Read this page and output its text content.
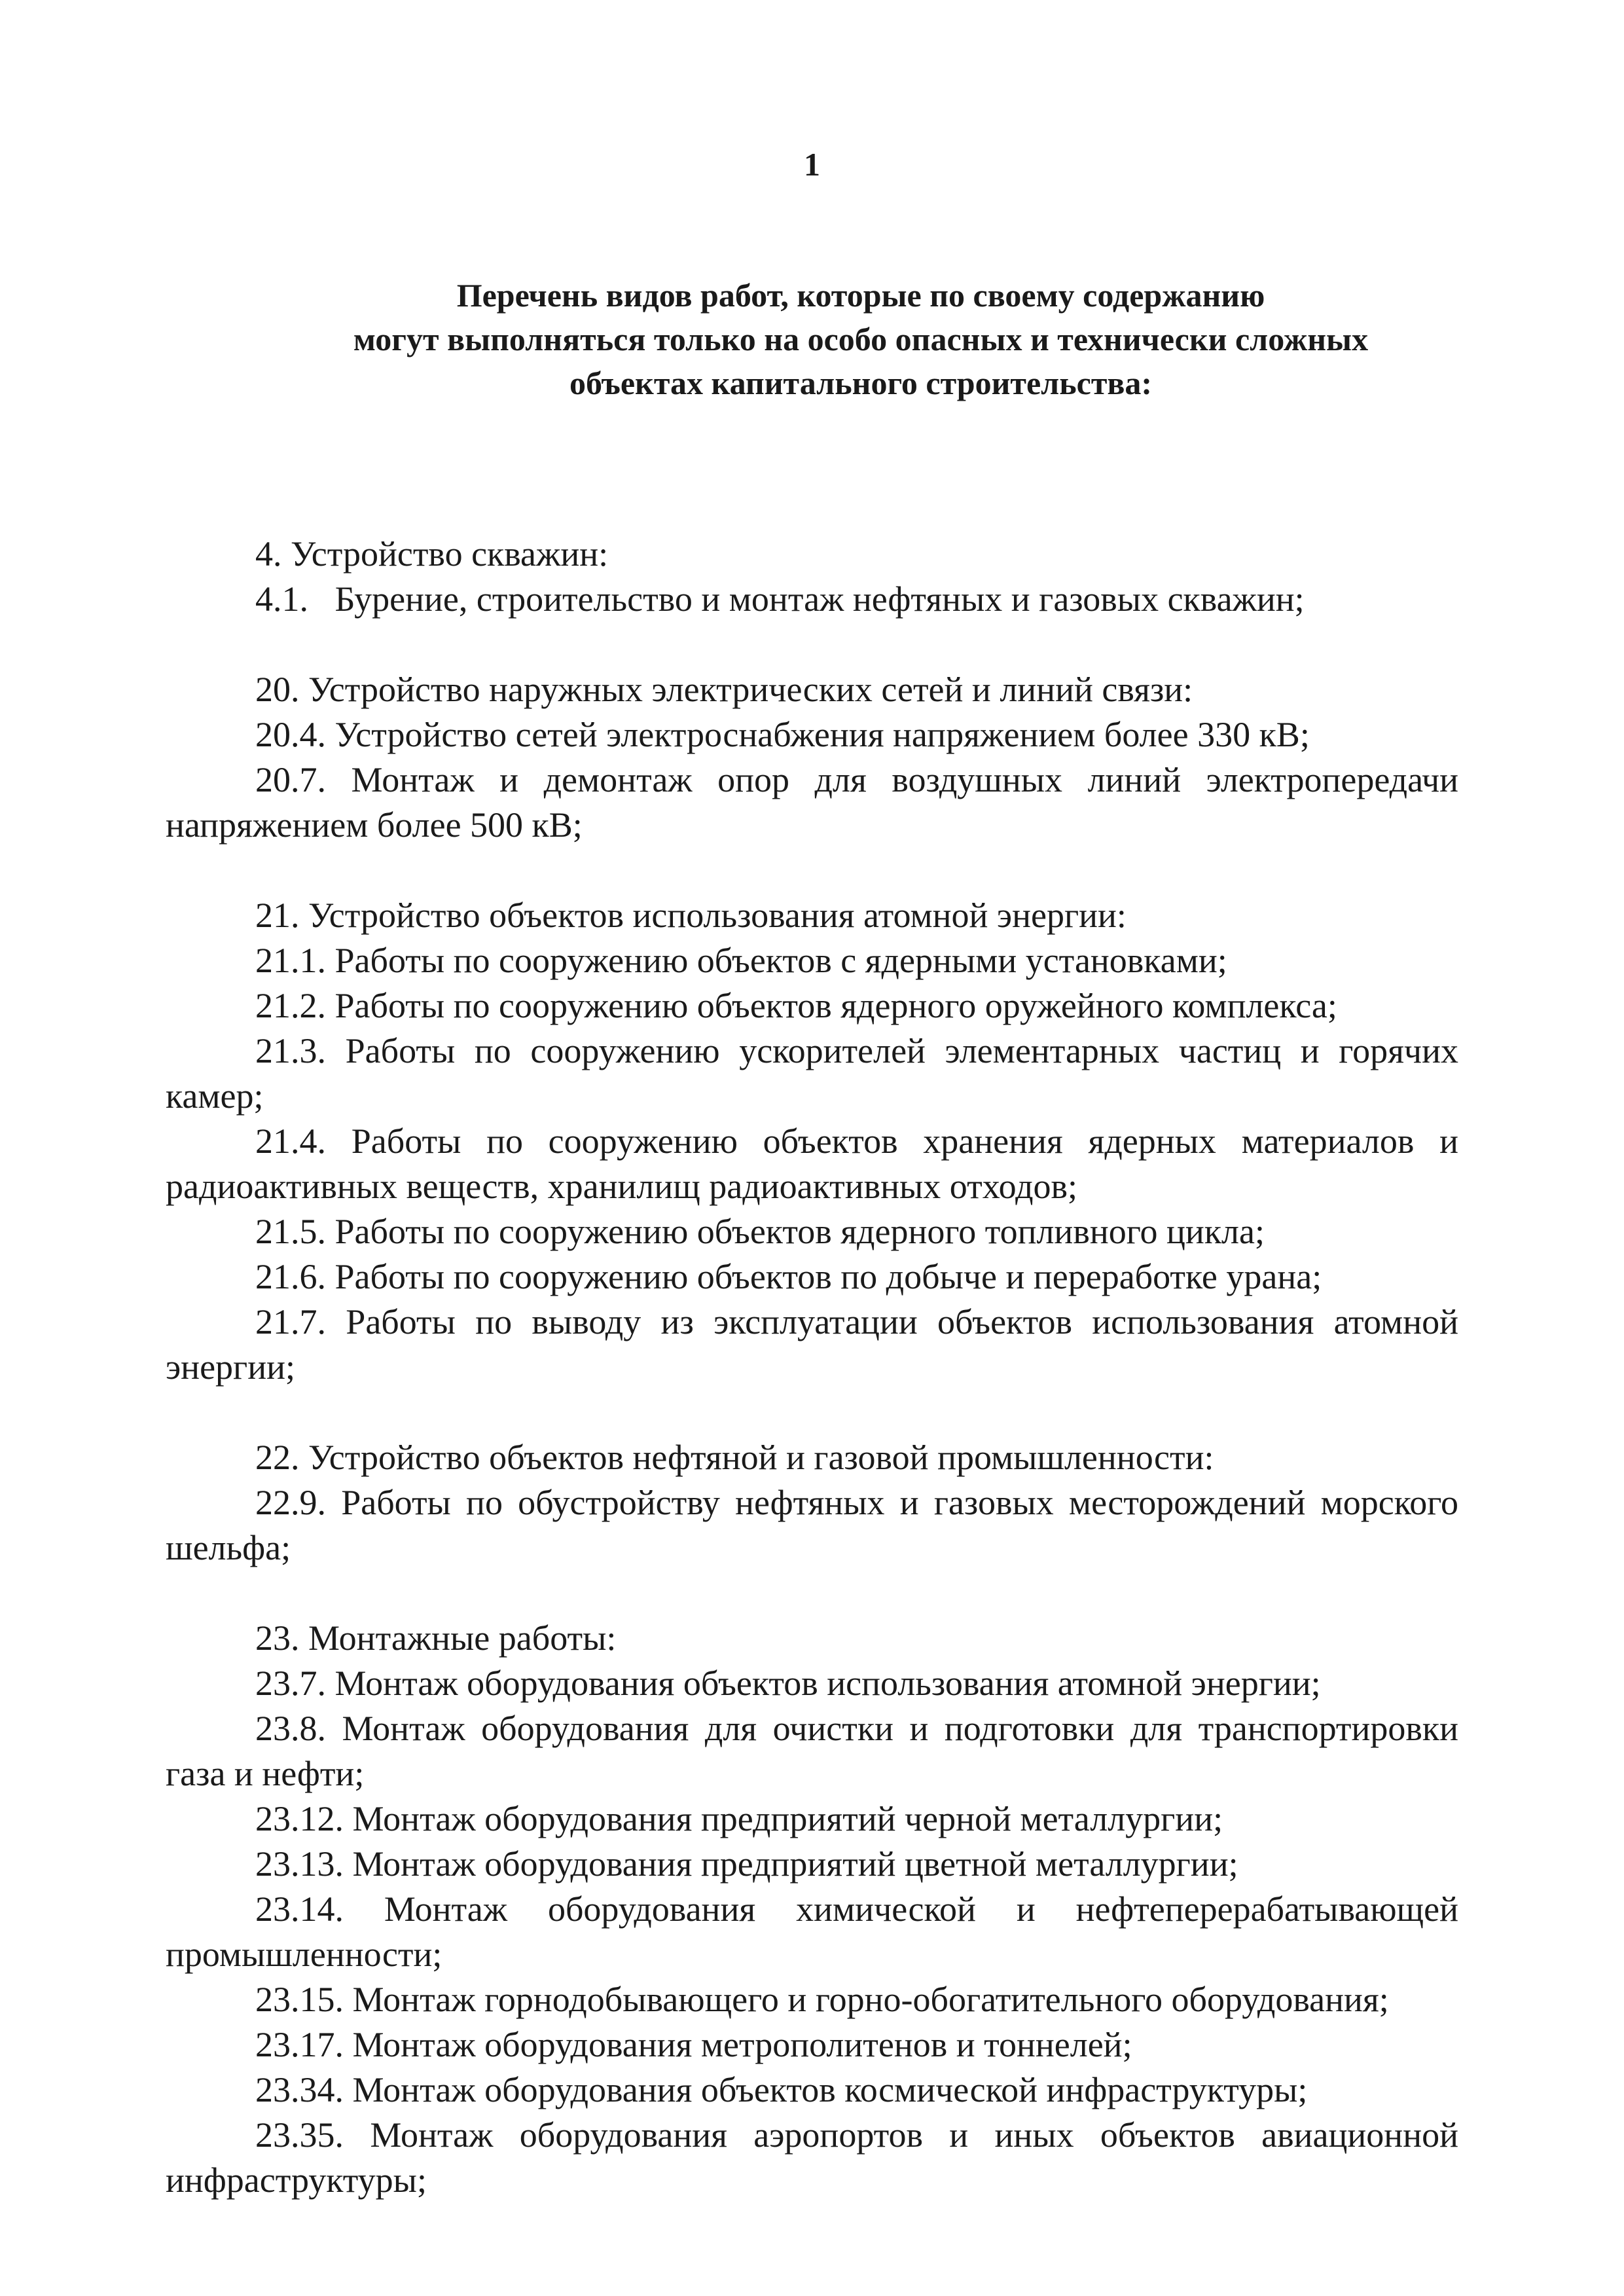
1
Перечень видов работ, которые по своему содержанию
могут выполняться только на особо опасных и технически сложных
объектах капитального строительства:

4. Устройство скважин:

4.1.   Бурение, строительство и монтаж нефтяных и газовых скважин;

20. Устройство наружных электрических сетей и линий связи:

20.4. Устройство сетей электроснабжения напряжением более 330 кВ;

20.7. Монтаж и демонтаж опор для воздушных линий электропередачи напряжением более 500 кВ;

21. Устройство объектов использования атомной энергии:

21.1. Работы по сооружению объектов с ядерными установками;

21.2. Работы по сооружению объектов ядерного оружейного комплекса;

21.3. Работы по сооружению ускорителей элементарных частиц и горячих камер;

21.4. Работы по сооружению объектов хранения ядерных материалов и радиоактивных веществ, хранилищ радиоактивных отходов;

21.5. Работы по сооружению объектов ядерного топливного цикла;

21.6. Работы по сооружению объектов по добыче и переработке урана;

21.7. Работы по выводу из эксплуатации объектов использования атомной энергии;

22. Устройство объектов нефтяной и газовой промышленности:

22.9. Работы по обустройству нефтяных и газовых месторождений морского шельфа;

23. Монтажные работы:

23.7. Монтаж оборудования объектов использования атомной энергии;

23.8. Монтаж оборудования для очистки и подготовки для транспортировки газа и нефти;

23.12. Монтаж оборудования предприятий черной металлургии;

23.13. Монтаж оборудования предприятий цветной металлургии;

23.14. Монтаж оборудования химической и нефтеперерабатывающей промышленности;

23.15. Монтаж горнодобывающего и горно-обогатительного оборудования;

23.17. Монтаж оборудования метрополитенов и тоннелей;

23.34. Монтаж оборудования объектов космической инфраструктуры;

23.35. Монтаж оборудования аэропортов и иных объектов авиационной инфраструктуры;
